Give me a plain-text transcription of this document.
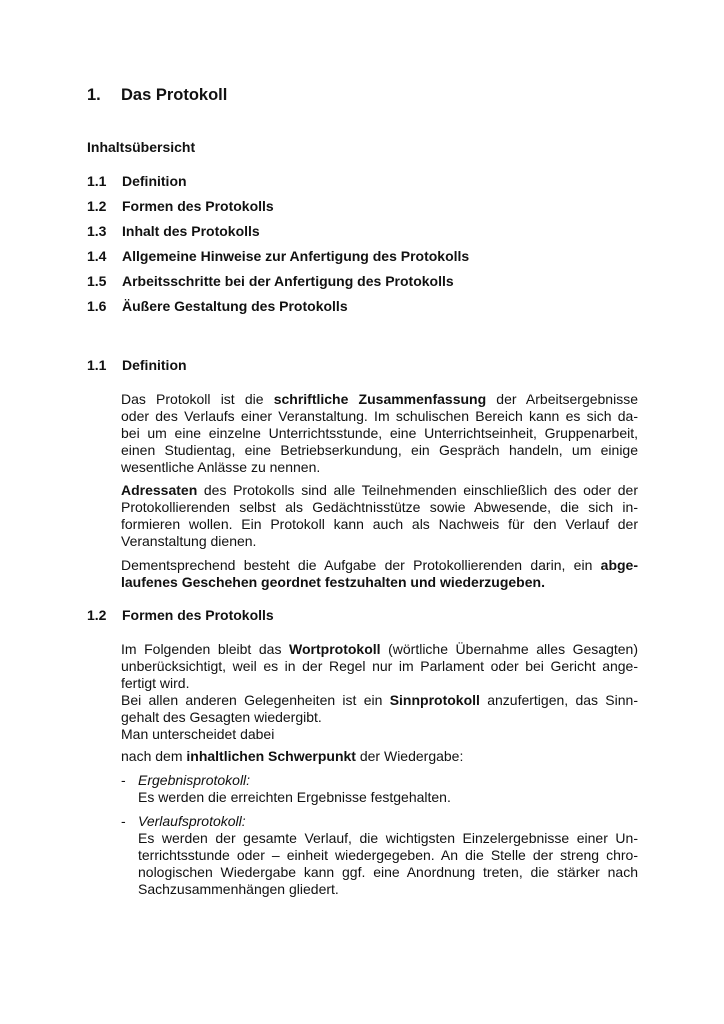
1. Das Protokoll
Inhaltsübersicht
1.1 Definition
1.2 Formen des Protokolls
1.3 Inhalt des Protokolls
1.4 Allgemeine Hinweise zur Anfertigung des Protokolls
1.5 Arbeitsschritte bei der Anfertigung des Protokolls
1.6 Äußere Gestaltung des Protokolls
1.1 Definition
Das Protokoll ist die schriftliche Zusammenfassung der Arbeitsergebnisse
oder des Verlaufs einer Veranstaltung. Im schulischen Bereich kann es sich da-
bei um eine einzelne Unterrichtsstunde, eine Unterrichtseinheit, Gruppenarbeit,
einen Studientag, eine Betriebserkundung, ein Gespräch handeln, um einige
wesentliche Anlässe zu nennen.
Adressaten des Protokolls sind alle Teilnehmenden einschließlich des oder der
Protokollierenden selbst als Gedächtnisstütze sowie Abwesende, die sich in-
formieren wollen. Ein Protokoll kann auch als Nachweis für den Verlauf der
Veranstaltung dienen.
Dementsprechend besteht die Aufgabe der Protokollierenden darin, ein abge-
laufenes Geschehen geordnet festzuhalten und wiederzugeben.
1.2 Formen des Protokolls
Im Folgenden bleibt das Wortprotokoll (wörtliche Übernahme alles Gesagten)
unberücksichtigt, weil es in der Regel nur im Parlament oder bei Gericht ange-
fertigt wird.
Bei allen anderen Gelegenheiten ist ein Sinnprotokoll anzufertigen, das Sinn-
gehalt des Gesagten wiedergibt.
Man unterscheidet dabei
nach dem inhaltlichen Schwerpunkt der Wiedergabe:
- Ergebnisprotokoll:
Es werden die erreichten Ergebnisse festgehalten.
- Verlaufsprotokoll:
Es werden der gesamte Verlauf, die wichtigsten Einzelergebnisse einer Un-
terrichtsstunde oder – einheit wiedergegeben. An die Stelle der streng chro-
nologischen Wiedergabe kann ggf. eine Anordnung treten, die stärker nach
Sachzusammenhängen gliedert.
